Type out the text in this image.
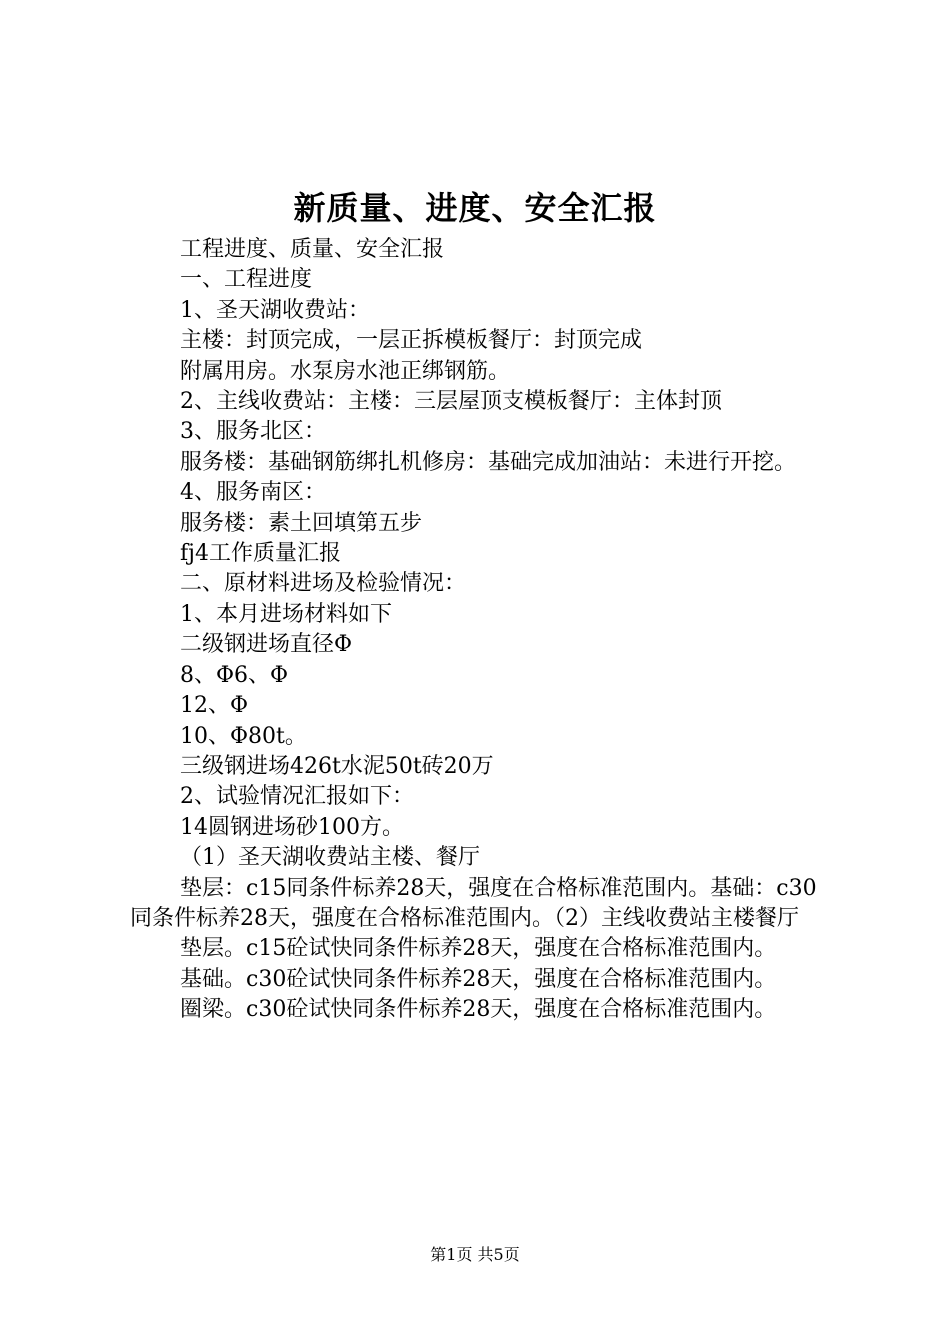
新质量、进度、安全汇报

工程进度、质量、安全汇报

一、工程进度

1、圣天湖收费站：

主楼：封顶完成，一层正拆模板餐厅：封顶完成

附属用房。水泵房水池正绑钢筋。

2、主线收费站：主楼：三层屋顶支模板餐厅：主体封顶

3、服务北区：

服务楼：基础钢筋绑扎机修房：基础完成加油站：未进行开挖。

4、服务南区：

服务楼：素土回填第五步

fj4工作质量汇报

二、原材料进场及检验情况：

1、本月进场材料如下

二级钢进场直径Φ

8、Φ6、Φ

12、Φ

10、Φ80t。

三级钢进场426t水泥50t砖20万

2、试验情况汇报如下：

14圆钢进场砂100方。

（1）圣天湖收费站主楼、餐厅

垫层：c15同条件标养28天，强度在合格标准范围内。基础：c30同条件标养28天，强度在合格标准范围内。（2）主线收费站主楼餐厅

垫层。c15砼试快同条件标养28天，强度在合格标准范围内。

基础。c30砼试快同条件标养28天，强度在合格标准范围内。

圈梁。c30砼试快同条件标养28天，强度在合格标准范围内。

第1页 共5页
